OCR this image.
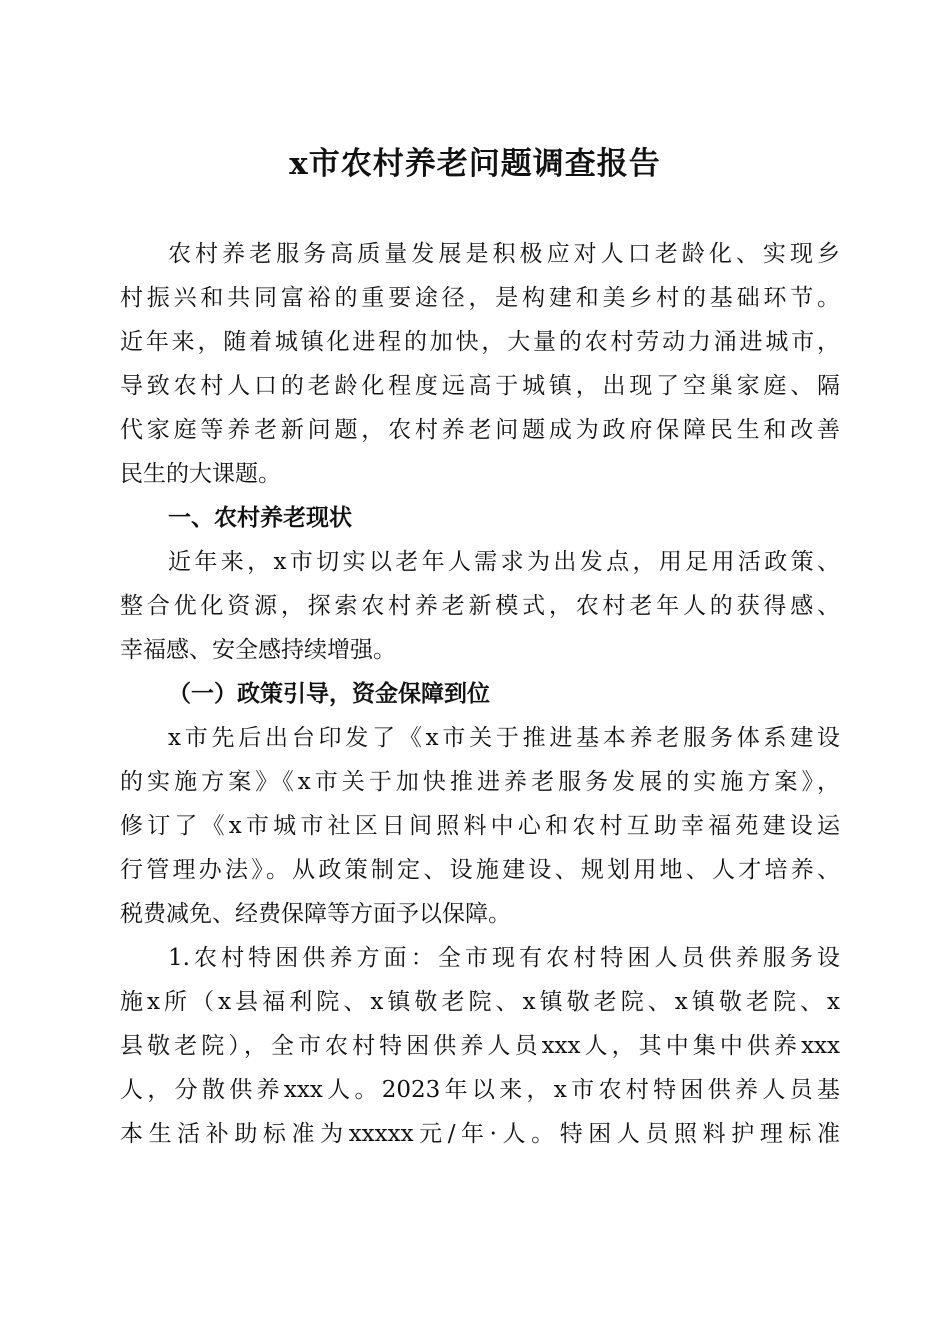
x市农村养老问题调查报告
农村养老服务高质量发展是积极应对人口老龄化、实现乡
村振兴和共同富裕的重要途径，是构建和美乡村的基础环节。
近年来，随着城镇化进程的加快，大量的农村劳动力涌进城市，
导致农村人口的老龄化程度远高于城镇，出现了空巢家庭、隔
代家庭等养老新问题，农村养老问题成为政府保障民生和改善
民生的大课题。
一、农村养老现状
近年来，x市切实以老年人需求为出发点，用足用活政策、
整合优化资源，探索农村养老新模式，农村老年人的获得感、
幸福感、安全感持续增强。
（一）政策引导，资金保障到位
x市先后出台印发了《x市关于推进基本养老服务体系建设
的实施方案》《x市关于加快推进养老服务发展的实施方案》，
修订了《x市城市社区日间照料中心和农村互助幸福苑建设运
行管理办法》。从政策制定、设施建设、规划用地、人才培养、
税费减免、经费保障等方面予以保障。
1.农村特困供养方面：全市现有农村特困人员供养服务设
施x所（x县福利院、x镇敬老院、x镇敬老院、x镇敬老院、x
县敬老院），全市农村特困供养人员xxx人，其中集中供养xxx
人，分散供养xxx人。2023年以来，x市农村特困供养人员基
本生活补助标准为xxxxx元/年·人。特困人员照料护理标准
